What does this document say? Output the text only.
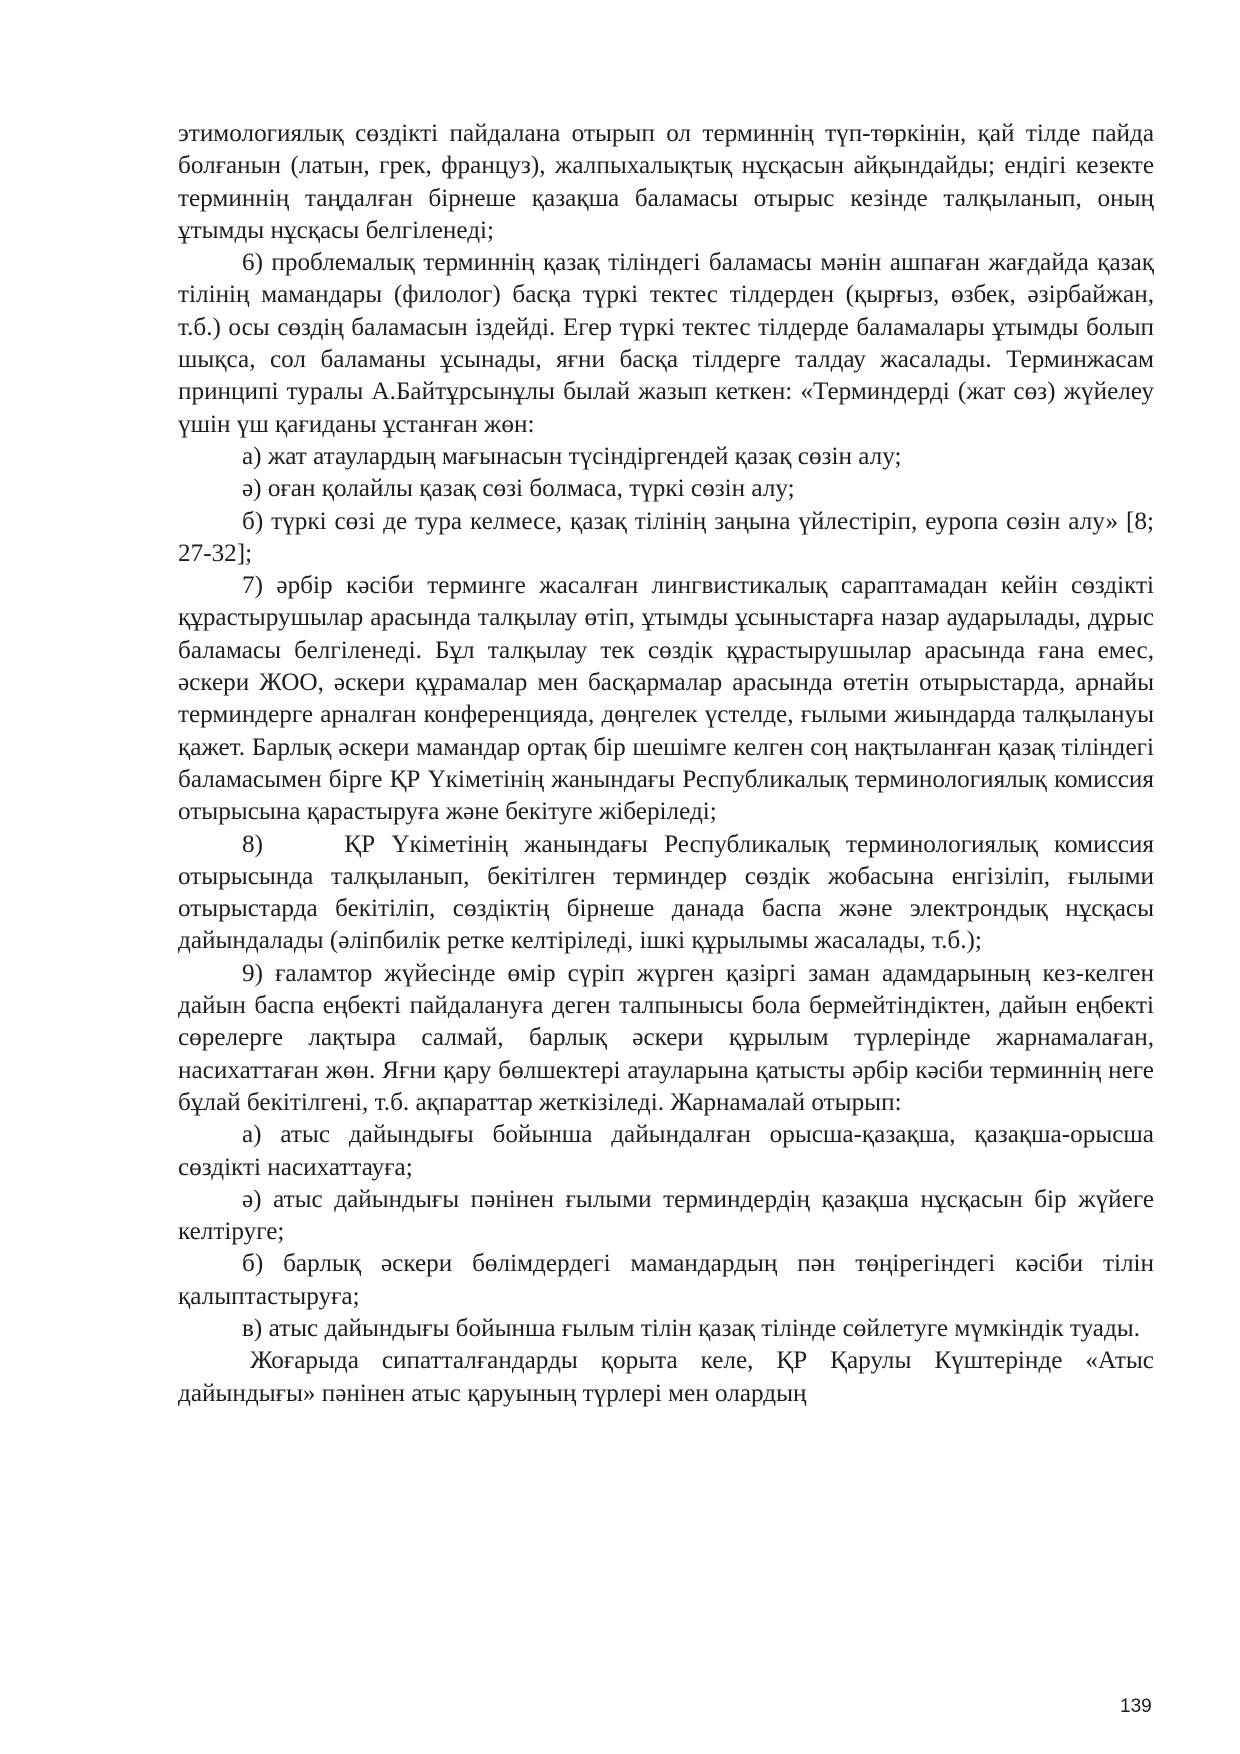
этимологиялық сөздікті пайдалана отырып ол терминнің түп-төркінін, қай тілде пайда болғанын (латын, грек, француз), жалпыхалықтық нұсқасын айқындайды; ендігі кезекте терминнің таңдалған бірнеше қазақша баламасы отырыс кезінде талқыланып, оның ұтымды нұсқасы белгіленеді;

6) проблемалық терминнің қазақ тіліндегі баламасы мәнін ашпаған жағдайда қазақ тілінің мамандары (филолог) басқа түркі тектес тілдерден (қырғыз, өзбек, әзірбайжан, т.б.) осы сөздің баламасын іздейді. Егер түркі тектес тілдерде баламалары ұтымды болып шықса, сол баламаны ұсынады, яғни басқа тілдерге талдау жасалады. Терминжасам принципі туралы А.Байтұрсынұлы былай жазып кеткен: «Терминдерді (жат сөз) жүйелеу үшін үш қағиданы ұстанған жөн:

а) жат атаулардың мағынасын түсіндіргендей қазақ сөзін алу;

ә) оған қолайлы қазақ сөзі болмаса, түркі сөзін алу;

б) түркі сөзі де тура келмесе, қазақ тілінің заңына үйлестіріп, еуропа сөзін алу» [8; 27-32];

7) әрбір кәсіби терминге жасалған лингвистикалық сараптамадан кейін сөздікті құрастырушылар арасында талқылау өтіп, ұтымды ұсыныстарға назар аударылады, дұрыс баламасы белгіленеді. Бұл талқылау тек сөздік құрастырушылар арасында ғана емес, әскери ЖОО, әскери құрамалар мен басқармалар арасында өтетін отырыстарда, арнайы терминдерге арналған конференцияда, дөңгелек үстелде, ғылыми жиындарда талқылануы қажет. Барлық әскери мамандар ортақ бір шешімге келген соң нақтыланған қазақ тіліндегі баламасымен бірге ҚР Үкіметінің жанындағы Республикалық терминологиялық комиссия отырысына қарастыруға және бекітуге жіберіледі;

8)     ҚР Үкіметінің жанындағы Республикалық терминологиялық комиссия отырысында талқыланып, бекітілген терминдер сөздік жобасына енгізіліп, ғылыми отырыстарда бекітіліп, сөздіктің бірнеше данада баспа және электрондық нұсқасы дайындалады (әліпбилік ретке келтіріледі, ішкі құрылымы жасалады, т.б.);

9) ғаламтор жүйесінде өмір сүріп жүрген қазіргі заман адамдарының кез-келген дайын баспа еңбекті пайдалануға деген талпынысы бола бермейтіндіктен, дайын еңбекті сөрелерге лақтыра салмай, барлық әскери құрылым түрлерінде жарнамалаған, насихаттаған жөн. Яғни қару бөлшектері атауларына қатысты әрбір кәсіби терминнің неге бұлай бекітілгені, т.б. ақпараттар жеткізіледі. Жарнамалай отырып:

а) атыс дайындығы бойынша дайындалған орысша-қазақша, қазақша-орысша сөздікті насихаттауға;

ә) атыс дайындығы пәнінен ғылыми терминдердің қазақша нұсқасын бір жүйеге келтіруге;

б) барлық әскери бөлімдердегі мамандардың пән төңірегіндегі кәсіби тілін қалыптастыруға;

в) атыс дайындығы бойынша ғылым тілін қазақ тілінде сөйлетуге мүмкіндік туады.

Жоғарыда сипатталғандарды қорыта келе, ҚР Қарулы Күштерінде «Атыс дайындығы» пәнінен атыс қаруының түрлері мен олардың

139
